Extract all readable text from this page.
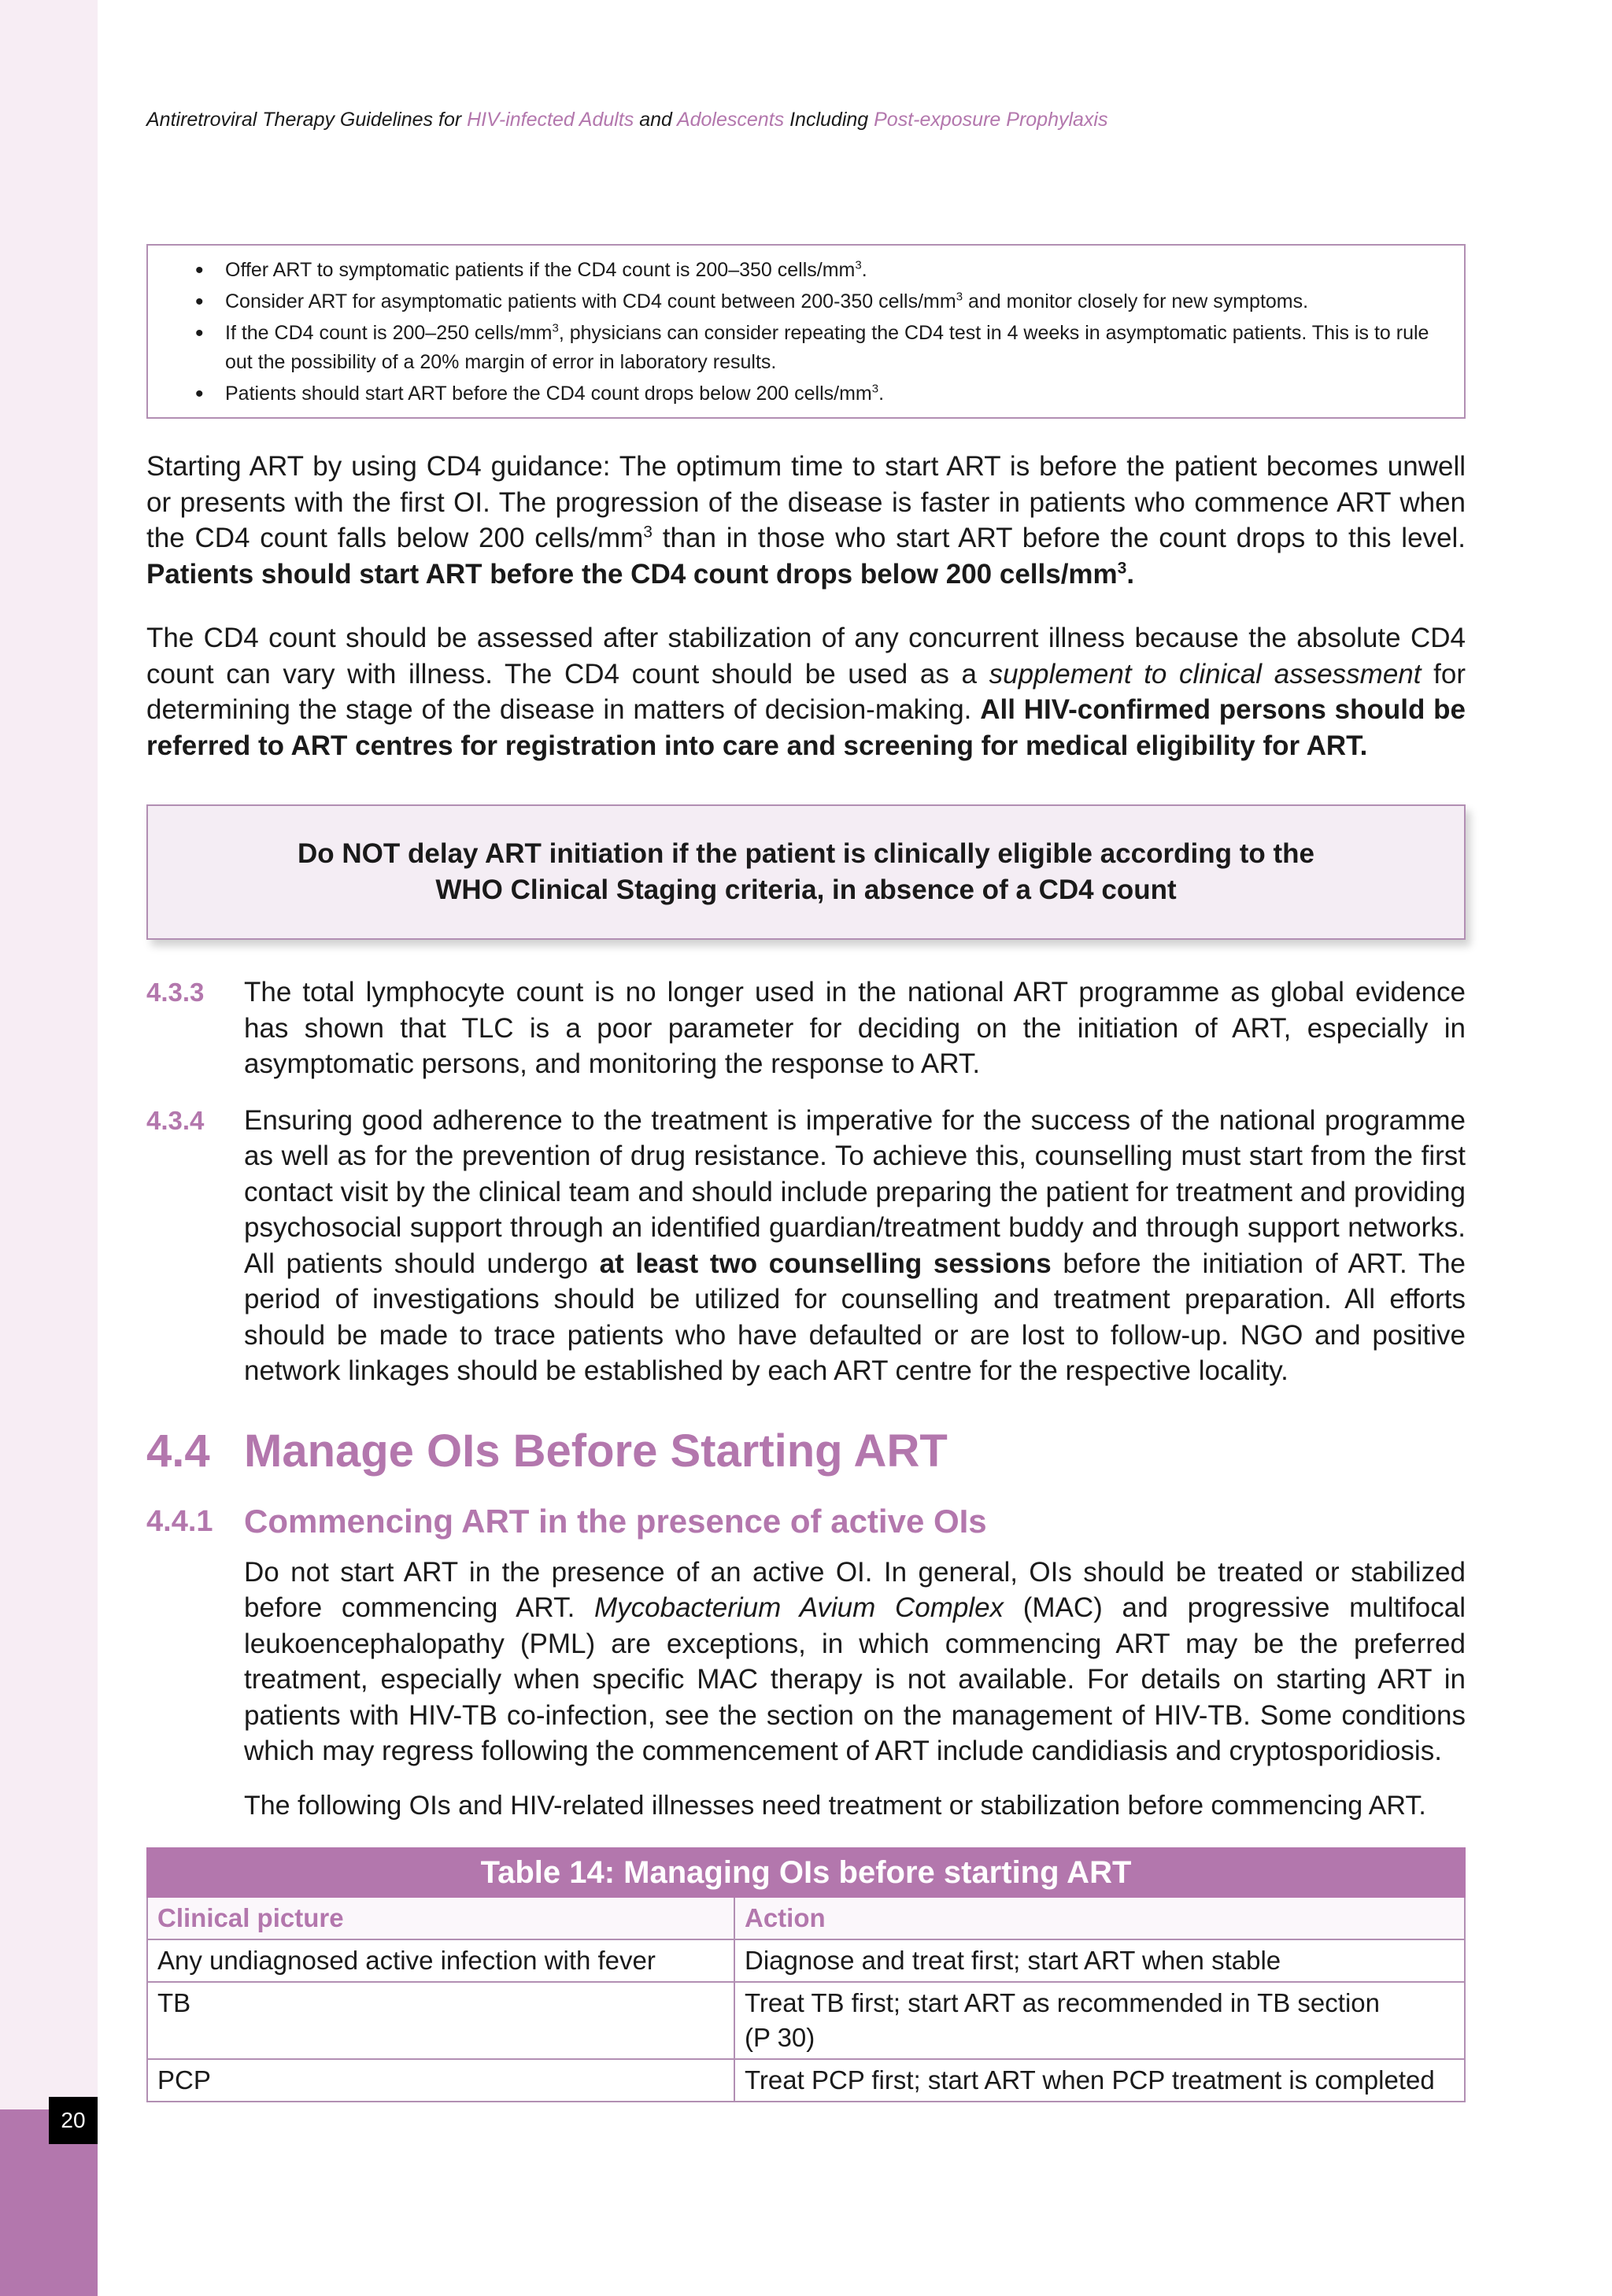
20
Antiretroviral Therapy Guidelines for HIV-infected Adults and Adolescents Including Post-exposure Prophylaxis
• Offer ART to symptomatic patients if the CD4 count is 200–350 cells/$mm^3$.
• Consider ART for asymptomatic patients with CD4 count between 200-350 cells/$mm^3$ and monitor closely for new symptoms.
• If the CD4 count is 200–250 cells/$mm^3$, physicians can consider repeating the CD4 test in 4 weeks in asymptomatic patients. This is to rule out the possibility of a 20% margin of error in laboratory results.
• Patients should start ART before the CD4 count drops below 200 cells/$mm^3$.

Starting ART by using CD4 guidance: The optimum time to start ART is before the patient becomes unwell or presents with the first OI. The progression of the disease is faster in patients who commence ART when the CD4 count falls below 200 cells/$mm^3$ than in those who start ART before the count drops to this level. Patients should start ART before the CD4 count drops below 200 cells/$mm^3$.

The CD4 count should be assessed after stabilization of any concurrent illness because the absolute CD4 count can vary with illness. The CD4 count should be used as a supplement to clinical assessment for determining the stage of the disease in matters of decision-making. All HIV-confirmed persons should be referred to ART centres for registration into care and screening for medical eligibility for ART.

Do NOT delay ART initiation if the patient is clinically eligible according to the
WHO Clinical Staging criteria, in absence of a CD4 count
4.3.3	The total lymphocyte count is no longer used in the national ART programme as global evidence has shown that TLC is a poor parameter for deciding on the initiation of ART, especially in asymptomatic persons, and monitoring the response to ART.
4.3.4	Ensuring good adherence to the treatment is imperative for the success of the national programme as well as for the prevention of drug resistance. To achieve this, counselling must start from the first contact visit by the clinical team and should include preparing the patient for treatment and providing psychosocial support through an identified guardian/treatment buddy and through support networks. All patients should undergo at least two counselling sessions before the initiation of ART. The period of investigations should be utilized for counselling and treatment preparation. All efforts should be made to trace patients who have defaulted or are lost to follow-up. NGO and positive network linkages should be established by each ART centre for the respective locality.
4.4 Manage OIs Before Starting ART
4.4.1 Commencing ART in the presence of active OIs

Do not start ART in the presence of an active OI. In general, OIs should be treated or stabilized before commencing ART. Mycobacterium Avium Complex (MAC) and progressive multifocal leukoencephalopathy (PML) are exceptions, in which commencing ART may be the preferred treatment, especially when specific MAC therapy is not available. For details on starting ART in patients with HIV-TB co-infection, see the section on the management of HIV-TB. Some conditions which may regress following the commencement of ART include candidiasis and cryptosporidiosis.

The following OIs and HIV-related illnesses need treatment or stabilization before commencing ART.

Table 14: Managing OIs before starting ART	
Clinical picture	Action
Any undiagnosed active infection with fever	Diagnose and treat first; start ART when stable
TB	Treat TB first; start ART as recommended in TB section
(P 30)

PCP	Treat PCP first; start ART when PCP treatment is completed
